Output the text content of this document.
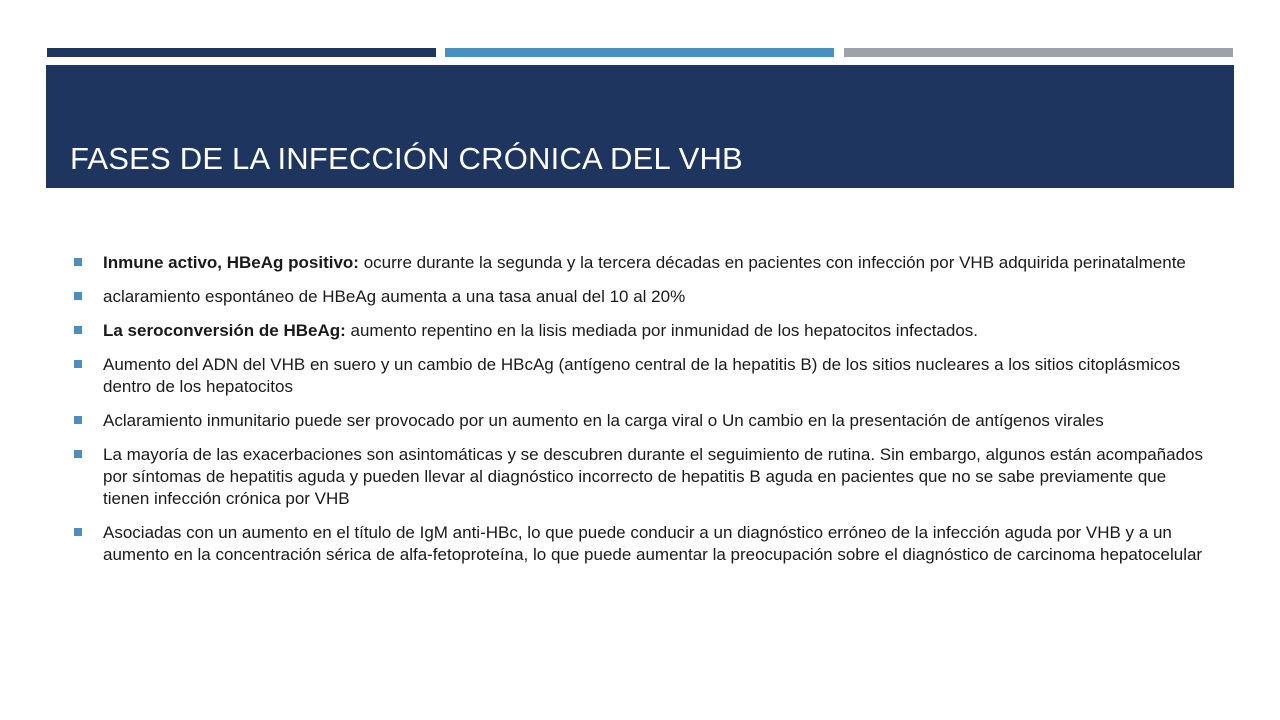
FASES DE LA INFECCIÓN CRÓNICA DEL VHB
Inmune activo, HBeAg positivo: ocurre durante la segunda y la tercera décadas en pacientes con infección por VHB adquirida perinatalmente
aclaramiento espontáneo de HBeAg aumenta a una tasa anual del 10 al 20%
La seroconversión de HBeAg: aumento repentino en la lisis mediada por inmunidad de los hepatocitos infectados.
Aumento del ADN del VHB en suero y un cambio de HBcAg (antígeno central de la hepatitis B) de los sitios nucleares a los sitios citoplásmicos dentro de los hepatocitos
Aclaramiento inmunitario puede ser provocado por un aumento en la carga viral o Un cambio en la presentación de antígenos virales
La mayoría de las exacerbaciones son asintomáticas y se descubren durante el seguimiento de rutina. Sin embargo, algunos están acompañados por síntomas de hepatitis aguda y pueden llevar al diagnóstico incorrecto de hepatitis B aguda en pacientes que no se sabe previamente que tienen infección crónica por VHB
Asociadas con un aumento en el título de IgM anti-HBc, lo que puede conducir a un diagnóstico erróneo de la infección aguda por VHB y a un aumento en la concentración sérica de alfa-fetoproteína, lo que puede aumentar la preocupación sobre el diagnóstico de carcinoma hepatocelular
